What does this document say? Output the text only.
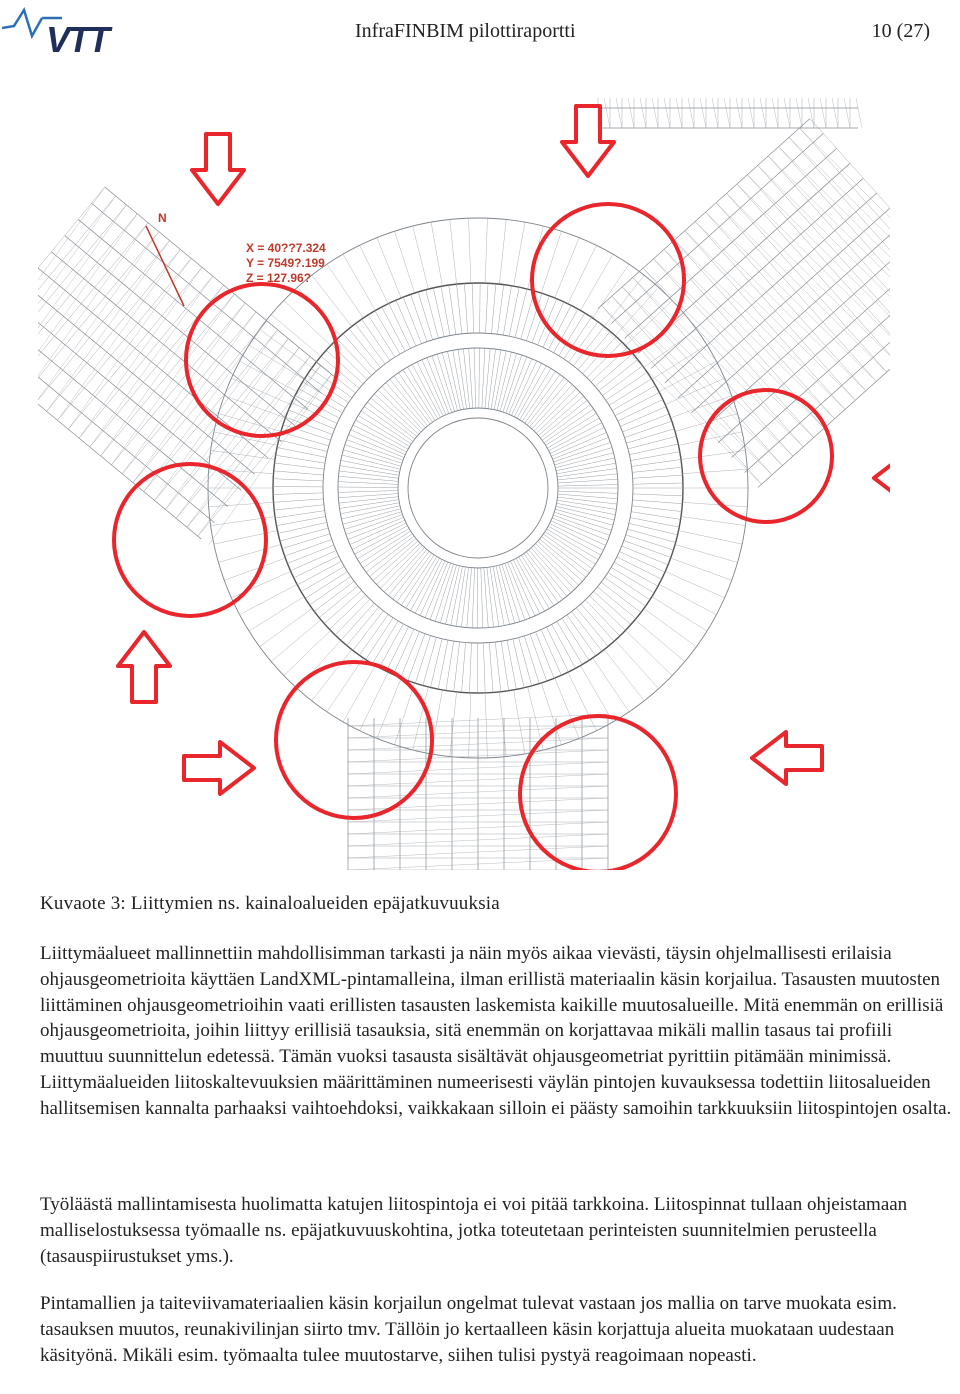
VTT	InfraFINBIM pilottiraportti	10 (27)
N
X = 40??7.324
Y = 7549?.199
Z = 127.96?
Kuvaote 3: Liittymien ns. kainaloalueiden epäjatkuvuuksia

Liittymäalueet mallinnettiin mahdollisimman tarkasti ja näin myös aikaa vievästi, täysin ohjelmallisesti erilaisia ohjausgeometrioita käyttäen LandXML-pintamalleina, ilman erillistä materiaalin käsin korjailua. Tasausten muutosten liittäminen ohjausgeometrioihin vaati erillisten tasausten laskemista kaikille muutosalueille. Mitä enemmän on erillisiä ohjausgeometrioita, joihin liittyy erillisiä tasauksia, sitä enemmän on korjattavaa mikäli mallin tasaus tai profiili muuttuu suunnittelun edetessä. Tämän vuoksi tasausta sisältävät ohjausgeometriat pyrittiin pitämään minimissä. Liittymäalueiden liitoskaltevuuksien määrittäminen numeerisesti väylän pintojen kuvauksessa todettiin liitosalueiden hallitsemisen kannalta parhaaksi vaihtoehdoksi, vaikkakaan silloin ei päästy samoihin tarkkuuksiin liitospintojen osalta.

Työläästä mallintamisesta huolimatta katujen liitospintoja ei voi pitää tarkkoina. Liitospinnat tullaan ohjeistamaan malliselostuksessa työmaalle ns. epäjatkuvuuskohtina, jotka toteutetaan perinteisten suunnitelmien perusteella (tasauspiirustukset yms.).

Pintamallien ja taiteviivamateriaalien käsin korjailun ongelmat tulevat vastaan jos mallia on tarve muokata esim. tasauksen muutos, reunakivilinjan siirto tmv. Tällöin jo kertaalleen käsin korjattuja alueita muokataan uudestaan käsityönä. Mikäli esim. työmaalta tulee muutostarve, siihen tulisi pystyä reagoimaan nopeasti.
